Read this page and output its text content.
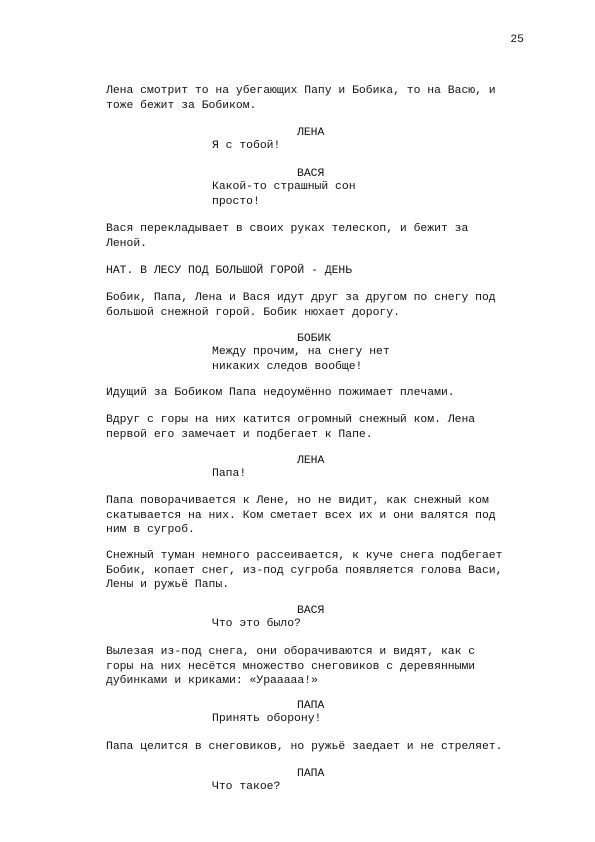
25
Лена смотрит то на убегающих Папу и Бобика, то на Васю, и
тоже бежит за Бобиком.
ЛЕНА
Я с тобой!
ВАСЯ
Какой-то страшный сон
просто!
Вася перекладывает в своих руках телескоп, и бежит за
Леной.
НАТ. В ЛЕСУ ПОД БОЛЬШОЙ ГОРОЙ - ДЕНЬ
Бобик, Папа, Лена и Вася идут друг за другом по снегу под
большой снежной горой. Бобик нюхает дорогу.
БОБИК
Между прочим, на снегу нет
никаких следов вообще!
Идущий за Бобиком Папа недоумённо пожимает плечами.
Вдруг с горы на них катится огромный снежный ком. Лена
первой его замечает и подбегает к Папе.
ЛЕНА
Папа!
Папа поворачивается к Лене, но не видит, как снежный ком
скатывается на них. Ком сметает всех их и они валятся под
ним в сугроб.
Снежный туман немного рассеивается, к куче снега подбегает
Бобик, копает снег, из-под сугроба появляется голова Васи,
Лены и ружьё Папы.
ВАСЯ
Что это было?
Вылезая из-под снега, они оборачиваются и видят, как с
горы на них несётся множество снеговиков с деревянными
дубинками и криками: «Урааааа!»
ПАПА
Принять оборону!
Папа целится в снеговиков, но ружьё заедает и не стреляет.
ПАПА
Что такое?
